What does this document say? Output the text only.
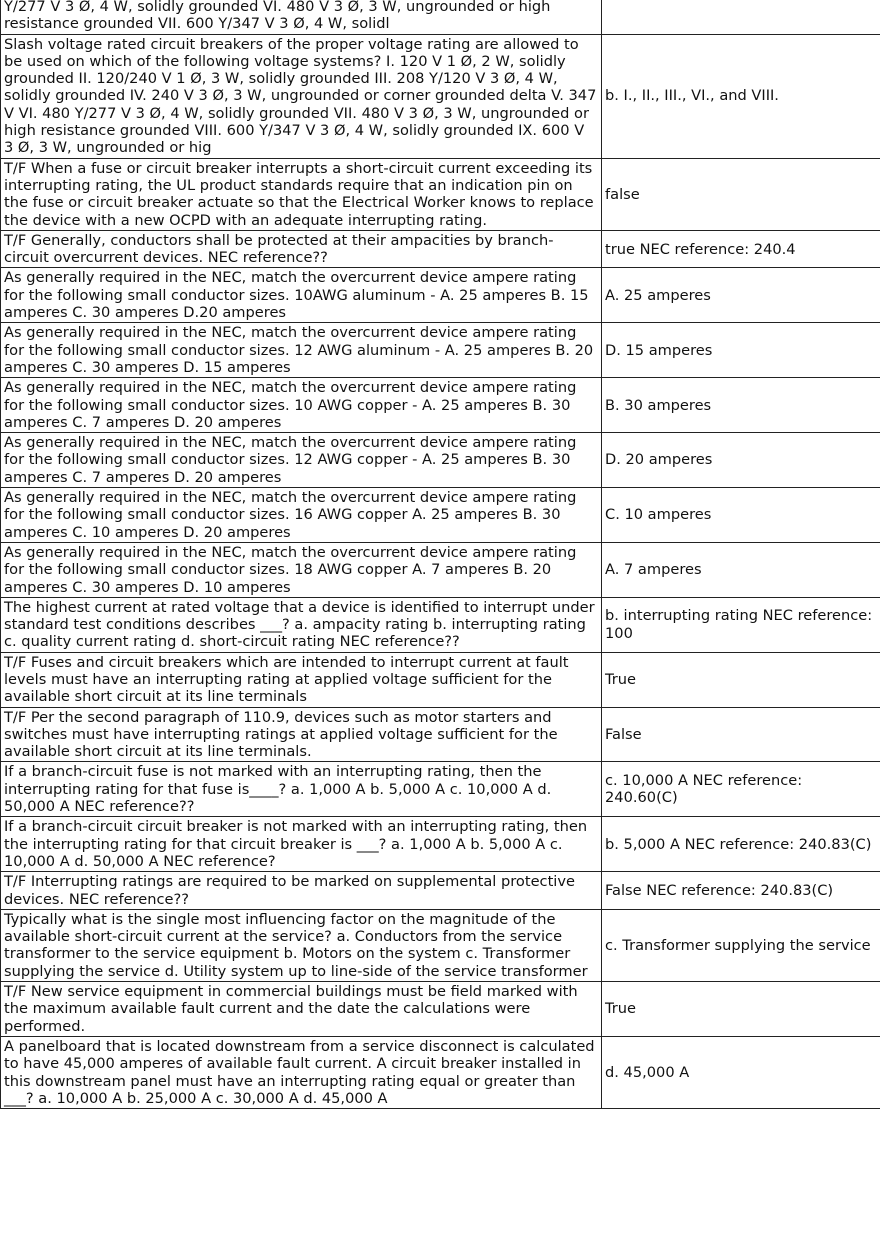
Y/277 V 3 Ø, 4 W, solidly grounded VI. 480 V 3 Ø, 3 W, ungrounded or high resistance grounded VII. 600 Y/347 V 3 Ø, 4 W, solidl	
Slash voltage rated circuit breakers of the proper voltage rating are allowed to be used on which of the following voltage systems? I. 120 V 1 Ø, 2 W, solidly grounded II. 120/240 V 1 Ø, 3 W, solidly grounded III. 208 Y/120 V 3 Ø, 4 W, solidly grounded IV. 240 V 3 Ø, 3 W, ungrounded or corner grounded delta V. 347 V VI. 480 Y/277 V 3 Ø, 4 W, solidly grounded VII. 480 V 3 Ø, 3 W, ungrounded or high resistance grounded VIII. 600 Y/347 V 3 Ø, 4 W, solidly grounded IX. 600 V 3 Ø, 3 W, ungrounded or hig	b. I., II., III., VI., and VIII.
T/F When a fuse or circuit breaker interrupts a short-circuit current exceeding its interrupting rating, the UL product standards require that an indication pin on the fuse or circuit breaker actuate so that the Electrical Worker knows to replace the device with a new OCPD with an adequate interrupting rating.	false
T/F Generally, conductors shall be protected at their ampacities by branch-circuit overcurrent devices. NEC reference??	true NEC reference: 240.4
As generally required in the NEC, match the overcurrent device ampere rating for the following small conductor sizes. 10AWG aluminum - A. 25 amperes B. 15 amperes C. 30 amperes D.20 amperes	A. 25 amperes
As generally required in the NEC, match the overcurrent device ampere rating for the following small conductor sizes. 12 AWG aluminum - A. 25 amperes B. 20 amperes C. 30 amperes D. 15 amperes	D. 15 amperes
As generally required in the NEC, match the overcurrent device ampere rating for the following small conductor sizes. 10 AWG copper - A. 25 amperes B. 30 amperes C. 7 amperes D. 20 amperes	B. 30 amperes
As generally required in the NEC, match the overcurrent device ampere rating for the following small conductor sizes. 12 AWG copper - A. 25 amperes B. 30 amperes C. 7 amperes D. 20 amperes	D. 20 amperes
As generally required in the NEC, match the overcurrent device ampere rating for the following small conductor sizes. 16 AWG copper A. 25 amperes B. 30 amperes C. 10 amperes D. 20 amperes	C. 10 amperes
As generally required in the NEC, match the overcurrent device ampere rating for the following small conductor sizes. 18 AWG copper A. 7 amperes B. 20 amperes C. 30 amperes D. 10 amperes	A. 7 amperes
The highest current at rated voltage that a device is identified to interrupt under standard test conditions describes ___? a. ampacity rating b. interrupting rating c. quality current rating d. short-circuit rating NEC reference??	b. interrupting rating NEC reference: 100
T/F Fuses and circuit breakers which are intended to interrupt current at fault levels must have an interrupting rating at applied voltage sufficient for the available short circuit at its line terminals	True
T/F Per the second paragraph of 110.9, devices such as motor starters and switches must have interrupting ratings at applied voltage sufficient for the available short circuit at its line terminals.	False
If a branch-circuit fuse is not marked with an interrupting rating, then the interrupting rating for that fuse is____? a. 1,000 A b. 5,000 A c. 10,000 A d. 50,000 A NEC reference??	c. 10,000 A NEC reference: 240.60(C)
If a branch-circuit circuit breaker is not marked with an interrupting rating, then the interrupting rating for that circuit breaker is ___? a. 1,000 A b. 5,000 A c. 10,000 A d. 50,000 A NEC reference?	b. 5,000 A NEC reference: 240.83(C)
T/F Interrupting ratings are required to be marked on supplemental protective devices. NEC reference??	False NEC reference: 240.83(C)
Typically what is the single most influencing factor on the magnitude of the available short-circuit current at the service? a. Conductors from the service transformer to the service equipment b. Motors on the system c. Transformer supplying the service d. Utility system up to line-side of the service transformer	c. Transformer supplying the service
T/F New service equipment in commercial buildings must be field marked with the maximum available fault current and the date the calculations were performed.	True
A panelboard that is located downstream from a service disconnect is calculated to have 45,000 amperes of available fault current. A circuit breaker installed in this downstream panel must have an interrupting rating equal or greater than ___? a. 10,000 A b. 25,000 A c. 30,000 A d. 45,000 A	d. 45,000 A
